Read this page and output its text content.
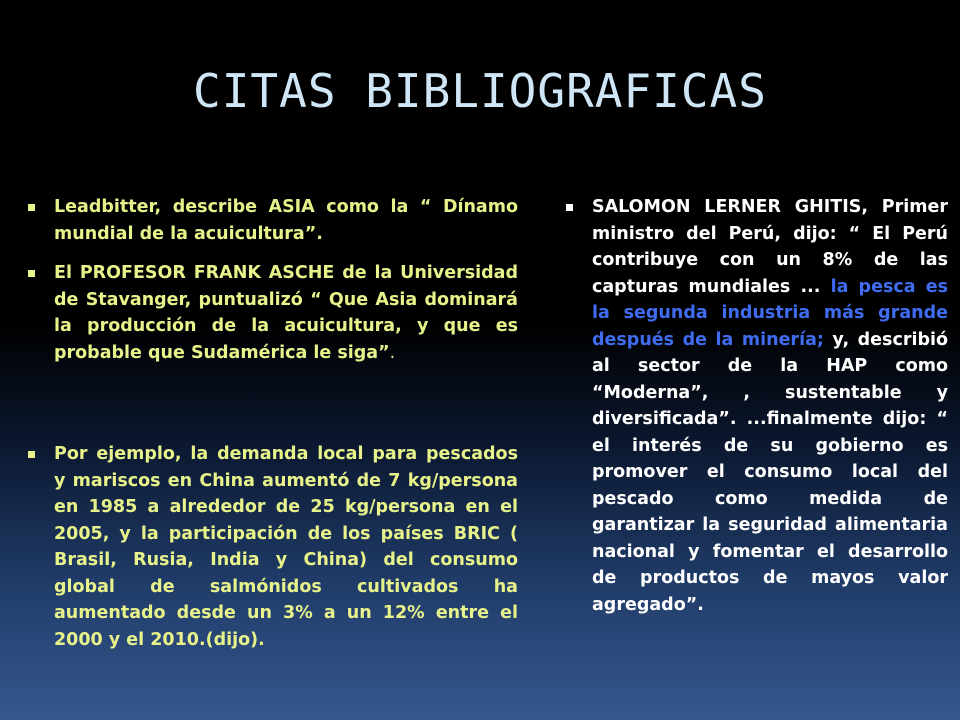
CITAS BIBLIOGRAFICAS
Leadbitter, describe ASIA como la “ Dínamo mundial de la acuicultura”.
El PROFESOR FRANK ASCHE de la Universidad de Stavanger, puntualizó “ Que Asia dominará la producción de la acuicultura, y que es probable que Sudamérica le siga”.
Por ejemplo, la demanda local para pescados y mariscos en China aumentó de 7 kg/persona en 1985 a alrededor de 25 kg/persona en el 2005, y la participación de los países BRIC ( Brasil, Rusia, India y China) del consumo global de salmónidos cultivados ha aumentado desde un 3% a un 12% entre el 2000 y el 2010.(dijo).
SALOMON LERNER GHITIS, Primer ministro del Perú, dijo: “ El Perú contribuye con un 8% de las capturas mundiales ... la pesca es la segunda industria más grande después de la minería; y, describió al sector de la HAP como “Moderna”, , sustentable y diversificada”. ...finalmente dijo: “ el interés de su gobierno es promover el consumo local del pescado como medida de garantizar la seguridad alimentaria nacional y fomentar el desarrollo de productos de mayos valor agregado”.
